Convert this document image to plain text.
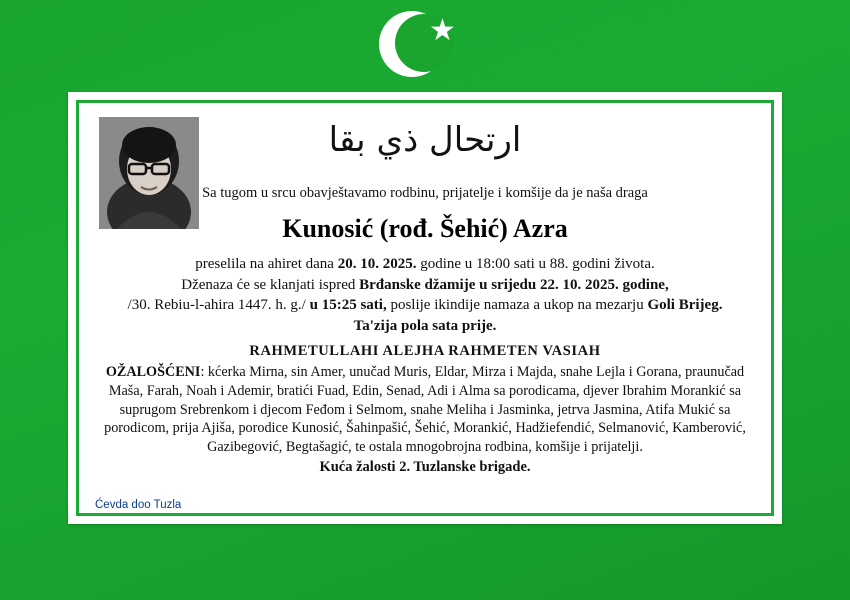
ارتحال ذي بقا
Sa tugom u srcu obavještavamo rodbinu, prijatelje i komšije da je naša draga
Kunosić (rođ. Šehić) Azra
preselila na ahiret dana 20. 10. 2025. godine u 18:00 sati u 88. godini života.
Dženaza će se klanjati ispred Brđanske džamije u srijedu 22. 10. 2025. godine,
/30. Rebiu-l-ahira 1447. h. g./ u 15:25 sati, poslije ikindije namaza a ukop na mezarju Goli Brijeg.
Ta'zija pola sata prije.
RAHMETULLAHI ALEJHA RAHMETEN VASIAH
OŽALOŠĆENI: kćerka Mirna, sin Amer, unučad Muris, Eldar, Mirza i Majda, snahe Lejla i Gorana, praunučad Maša, Farah, Noah i Ademir, bratići Fuad, Edin, Senad, Adi i Alma sa porodicama, djever Ibrahim Morankić sa suprugom Srebrenkom i djecom Feđom i Selmom, snahe Meliha i Jasminka, jetrva Jasmina, Atifa Mukić sa porodicom, prija Ajiša, porodice Kunosić, Šahinpašić, Šehić, Morankić, Hadžiefendić, Selmanović, Kamberović, Gazibegović, Begtašagić, te ostala mnogobrojna rodbina, komšije i prijatelji.
Kuća žalosti 2. Tuzlanske brigade.
Ćevda doo Tuzla
